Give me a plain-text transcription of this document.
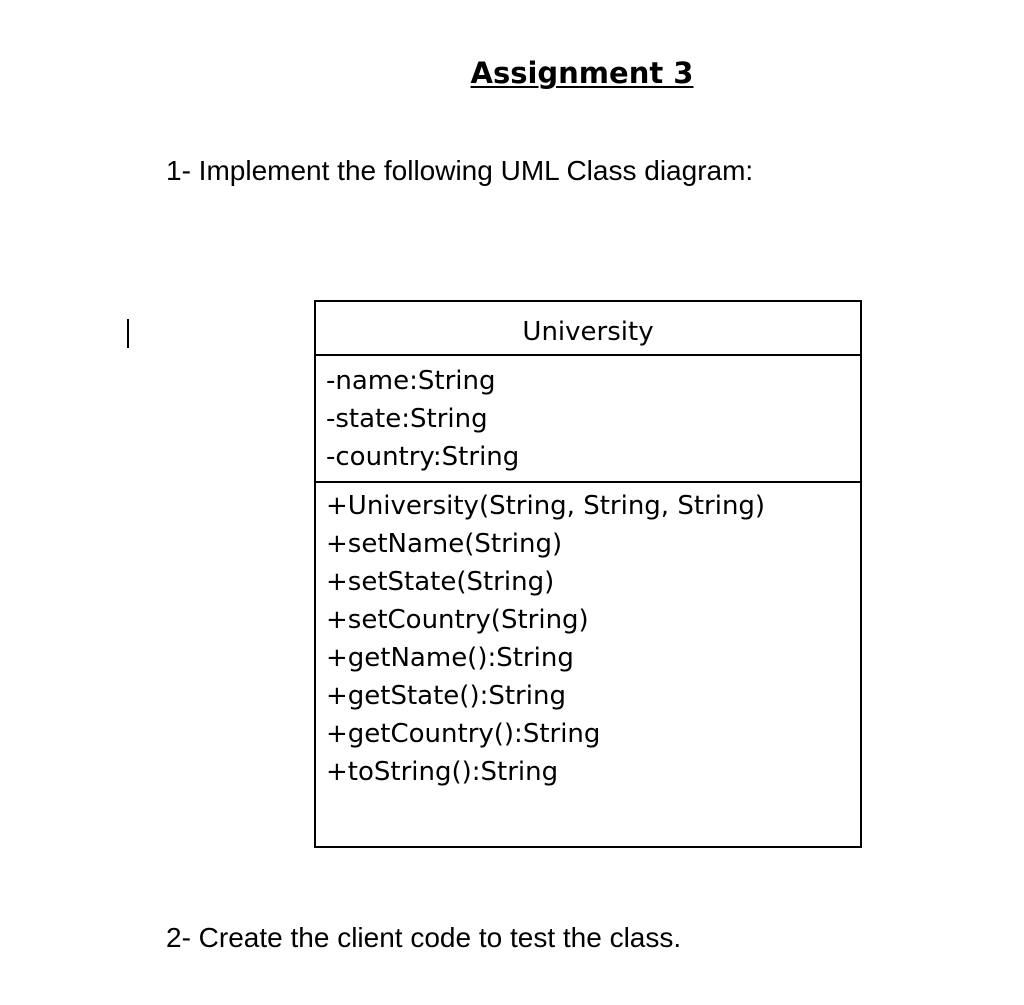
Assignment 3
1- Implement the following UML Class diagram:
University
-name:String
-state:String
-country:String
+University(String, String, String)
+setName(String)
+setState(String)
+setCountry(String)
+getName():String
+getState():String
+getCountry():String
+toString():String
2- Create the client code to test the class.
